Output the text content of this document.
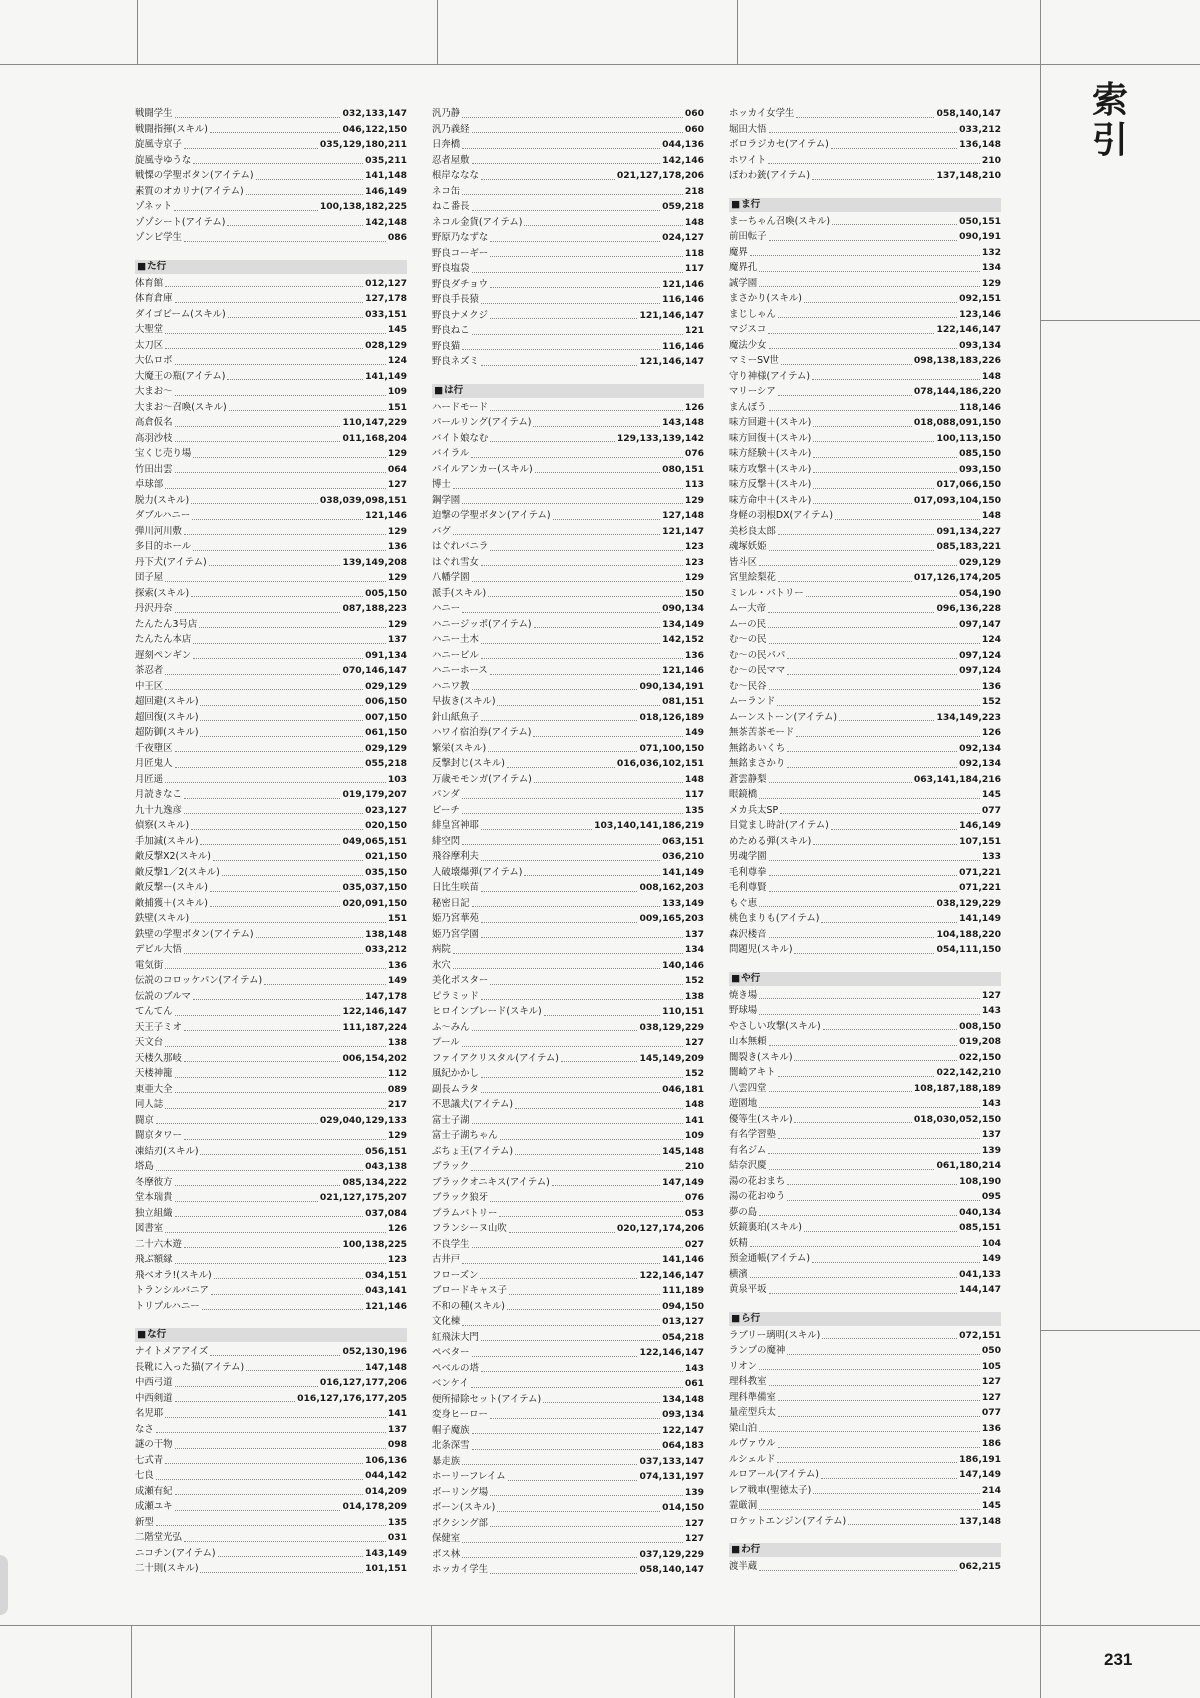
索引
231
戦闘学生	032,133,147
戦闘指揮(スキル)	046,122,150
旋風寺京子	035,129,180,211
旋風寺ゆうな	035,211
戦慄の学聖ボタン(アイテム)	141,148
素質のオカリナ(アイテム)	146,149
ゾネット	100,138,182,225
ゾゾシート(アイテム)	142,148
ゾンビ学生	086
■ た行
体育館	012,127
体育倉庫	127,178
ダイゴビーム(スキル)	033,151
大聖堂	145
太刀区	028,129
大仏ロボ	124
大魔王の瓶(アイテム)	141,149
大まお〜	109
大まお〜召喚(スキル)	151
高倉仮名	110,147,229
高羽沙枝	011,168,204
宝くじ売り場	129
竹田出雲	064
卓球部	127
脱力(スキル)	038,039,098,151
ダブルハニー	121,146
弾川河川敷	129
多目的ホール	136
丹下犬(アイテム)	139,149,208
団子屋	129
探索(スキル)	005,150
丹沢丹奈	087,188,223
たんたん3号店	129
たんたん本店	137
遅刻ペンギン	091,134
茶忍者	070,146,147
中王区	029,129
超回避(スキル)	006,150
超回復(スキル)	007,150
超防御(スキル)	061,150
千夜墮区	029,129
月匠鬼人	055,218
月匠遥	103
月読きなこ	019,179,207
九十九逸彦	023,127
偵察(スキル)	020,150
手加減(スキル)	049,065,151
敵反撃X2(スキル)	021,150
敵反撃1／2(スキル)	035,150
敵反撃ー(スキル)	035,037,150
敵捕獲＋(スキル)	020,091,150
鉄壁(スキル)	151
鉄壁の学聖ボタン(アイテム)	138,148
デビル大悟	033,212
電気街	136
伝説のコロッケパン(アイテム)	149
伝説のブルマ	147,178
てんてん	122,146,147
天王子ミオ	111,187,224
天文台	138
天楼久那岐	006,154,202
天楼神籠	112
東亜大全	089
同人誌	217
闘京	029,040,129,133
闘京タワー	129
凍結刃(スキル)	056,151
塔島	043,138
冬摩彼方	085,134,222
堂本瑞貴	021,127,175,207
独立組織	037,084
図書室	126
二十六木遊	100,138,225
飛ぶ額縁	123
飛べオラ!(スキル)	034,151
トランシルバニア	043,141
トリプルハニー	121,146
■ な行
ナイトメアアイズ	052,130,196
長靴に入った猫(アイテム)	147,148
中西弓道	016,127,177,206
中西剣道	016,127,176,177,205
名児耶	141
なさ	137
謎の干物	098
七式青	106,136
七良	044,142
成瀬有紀	014,209
成瀬ユキ	014,178,209
新型	135
二階堂光弘	031
ニコチン(アイテム)	143,149
二十則(スキル)	101,151
汎乃静	060
汎乃義経	060
日奔橋	044,136
忍者屋敷	142,146
根岸ななな	021,127,178,206
ネコ缶	218
ねこ番長	059,218
ネコル金貨(アイテム)	148
野原乃なずな	024,127
野良コーギー	118
野良塩袋	117
野良ダチョウ	121,146
野良手長猿	116,146
野良ナメクジ	121,146,147
野良ねこ	121
野良猫	116,146
野良ネズミ	121,146,147
■ は行
ハードモード	126
パールリング(アイテム)	143,148
バイト娘なむ	129,133,139,142
バイラル	076
パイルアンカー(スキル)	080,151
博士	113
鋼学園	129
迫撃の学聖ボタン(アイテム)	127,148
バグ	121,147
はぐれバニラ	123
はぐれ雪女	123
八幡学園	129
派手(スキル)	150
ハニー	090,134
ハニージッポ(アイテム)	134,149
ハニー土木	142,152
ハニービル	136
ハニーホース	121,146
ハニワ教	090,134,191
早抜き(スキル)	081,151
針山紙魚子	018,126,189
ハワイ宿泊券(アイテム)	149
繁栄(スキル)	071,100,150
反撃封じ(スキル)	016,036,102,151
万歳モモンガ(アイテム)	148
パンダ	117
ビーチ	135
緋皇宮神耶	103,140,141,186,219
緋空閃	063,151
飛谷摩利夫	036,210
人破壊爆弾(アイテム)	141,149
日比生咲苗	008,162,203
秘密日記	133,149
姫乃宮華苑	009,165,203
姫乃宮学園	137
病院	134
氷穴	140,146
美化ポスター	152
ピラミッド	138
ヒロインブレード(スキル)	110,151
ふ〜みん	038,129,229
プール	127
ファイアクリスタル(アイテム)	145,149,209
風紀かかし	152
副長ムラタ	046,181
不思議犬(アイテム)	148
富士子湖	141
富士子湖ちゃん	109
ぶちょ王(アイテム)	145,148
ブラック	210
ブラックオニキス(アイテム)	147,149
ブラック狼牙	076
プラムバトリー	053
フランシーヌ山吹	020,127,174,206
不良学生	027
古井戸	141,146
フローズン	122,146,147
ブロードキャス子	111,189
不和の種(スキル)	094,150
文化棟	013,127
紅飛沫大門	054,218
ペベター	122,146,147
ペベルの塔	143
ベンケイ	061
便所掃除セット(アイテム)	134,148
変身ヒーロー	093,134
帽子魔族	122,147
北条深雪	064,183
暴走族	037,133,147
ホーリーフレイム	074,131,197
ボーリング場	139
ボーン(スキル)	014,150
ボクシング部	127
保健室	127
ボス林	037,129,229
ホッカイ学生	058,140,147
ホッカイ女学生	058,140,147
堀田大悟	033,212
ボロラジカセ(アイテム)	136,148
ホワイト	210
ぽわわ銃(アイテム)	137,148,210
■ ま行
まーちゃん召喚(スキル)	050,151
前田転子	090,191
魔界	132
魔界孔	134
誠学園	129
まさかり(スキル)	092,151
まじしゃん	123,146
マジスコ	122,146,147
魔法少女	093,134
マミーSV世	098,138,183,226
守り神様(アイテム)	148
マリーシア	078,144,186,220
まんぼう	118,146
味方回避＋(スキル)	018,088,091,150
味方回復＋(スキル)	100,113,150
味方経験＋(スキル)	085,150
味方攻撃＋(スキル)	093,150
味方反撃＋(スキル)	017,066,150
味方命中＋(スキル)	017,093,104,150
身軽の羽根DX(アイテム)	148
美杉良太郎	091,134,227
魂塚妖姫	085,183,221
皆斗区	029,129
宮里絵梨花	017,126,174,205
ミレル・パトリー	054,190
ムー大帝	096,136,228
ムーの民	097,147
む〜の民	124
む〜の民パパ	097,124
む〜の民ママ	097,124
む〜民谷	136
ムーランド	152
ムーンストーン(アイテム)	134,149,223
無茶苦茶モード	126
無銘あいくち	092,134
無銘まさかり	092,134
蒼雲静梨	063,141,184,216
眼鏡橋	145
メカ兵太SP	077
目覚まし時計(アイテム)	146,149
めためる弾(スキル)	107,151
男魂学園	133
毛利尊拳	071,221
毛利尊賢	071,221
もぐ恵	038,129,229
桃色まりも(アイテム)	141,149
森沢楼音	104,188,220
問題児(スキル)	054,111,150
■ や行
焼き場	127
野球場	143
やさしい攻撃(スキル)	008,150
山本無頼	019,208
闇裂き(スキル)	022,150
闇崎アキト	022,142,210
八雲四堂	108,187,188,189
遊園地	143
優等生(スキル)	018,030,052,150
有名学習塾	137
有名ジム	139
結奈沢慶	061,180,214
湯の花おまち	108,190
湯の花おゆう	095
夢の島	040,134
妖鏡裏珀(スキル)	085,151
妖精	104
預金通帳(アイテム)	149
横濱	041,133
黄泉平坂	144,147
■ ら行
ラブリー璃明(スキル)	072,151
ランプの魔神	050
リオン	105
理科教室	127
理科準備室	127
量産型兵太	077
梁山泊	136
ルヴァウル	186
ルシェルド	186,191
ルロアール(アイテム)	147,149
レア戦車(聖徳太子)	214
霊厳洞	145
ロケットエンジン(アイテム)	137,148
■ わ行
渡半蔵	062,215
